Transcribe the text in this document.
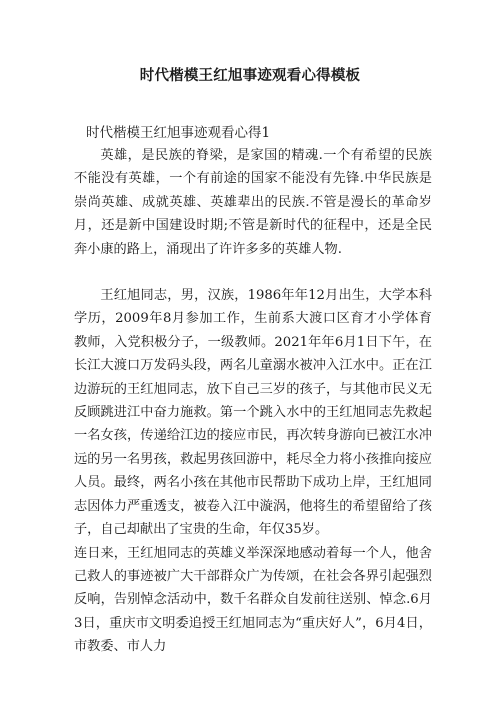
时代楷模王红旭事迹观看心得模板
时代楷模王红旭事迹观看心得1

英雄，是民族的脊梁，是家国的精魂.一个有希望的民族不能没有英雄，一个有前途的国家不能没有先锋.中华民族是崇尚英雄、成就英雄、英雄辈出的民族.不管是漫长的革命岁月，还是新中国建设时期;不管是新时代的征程中，还是全民奔小康的路上，涌现出了许许多多的英雄人物.

王红旭同志，男，汉族，1986年年12月出生，大学本科学历，2009年8月参加工作，生前系大渡口区育才小学体育教师，入党积极分子，一级教师。2021年年6月1日下午，在长江大渡口万发码头段，两名儿童溺水被冲入江水中。正在江边游玩的王红旭同志，放下自己三岁的孩子，与其他市民义无反顾跳进江中奋力施救。第一个跳入水中的王红旭同志先救起一名女孩，传递给江边的接应市民，再次转身游向已被江水冲远的另一名男孩，救起男孩回游中，耗尽全力将小孩推向接应人员。最终，两名小孩在其他市民帮助下成功上岸，王红旭同志因体力严重透支，被卷入江中漩涡，他将生的希望留给了孩子，自己却献出了宝贵的生命，年仅35岁。

连日来，王红旭同志的英雄义举深深地感动着每一个人，他舍己救人的事迹被广大干部群众广为传颂，在社会各界引起强烈反响，告别悼念活动中，数千名群众自发前往送别、悼念.6月3日，重庆市文明委追授王红旭同志为“重庆好人”，6月4日，市教委、市人力
